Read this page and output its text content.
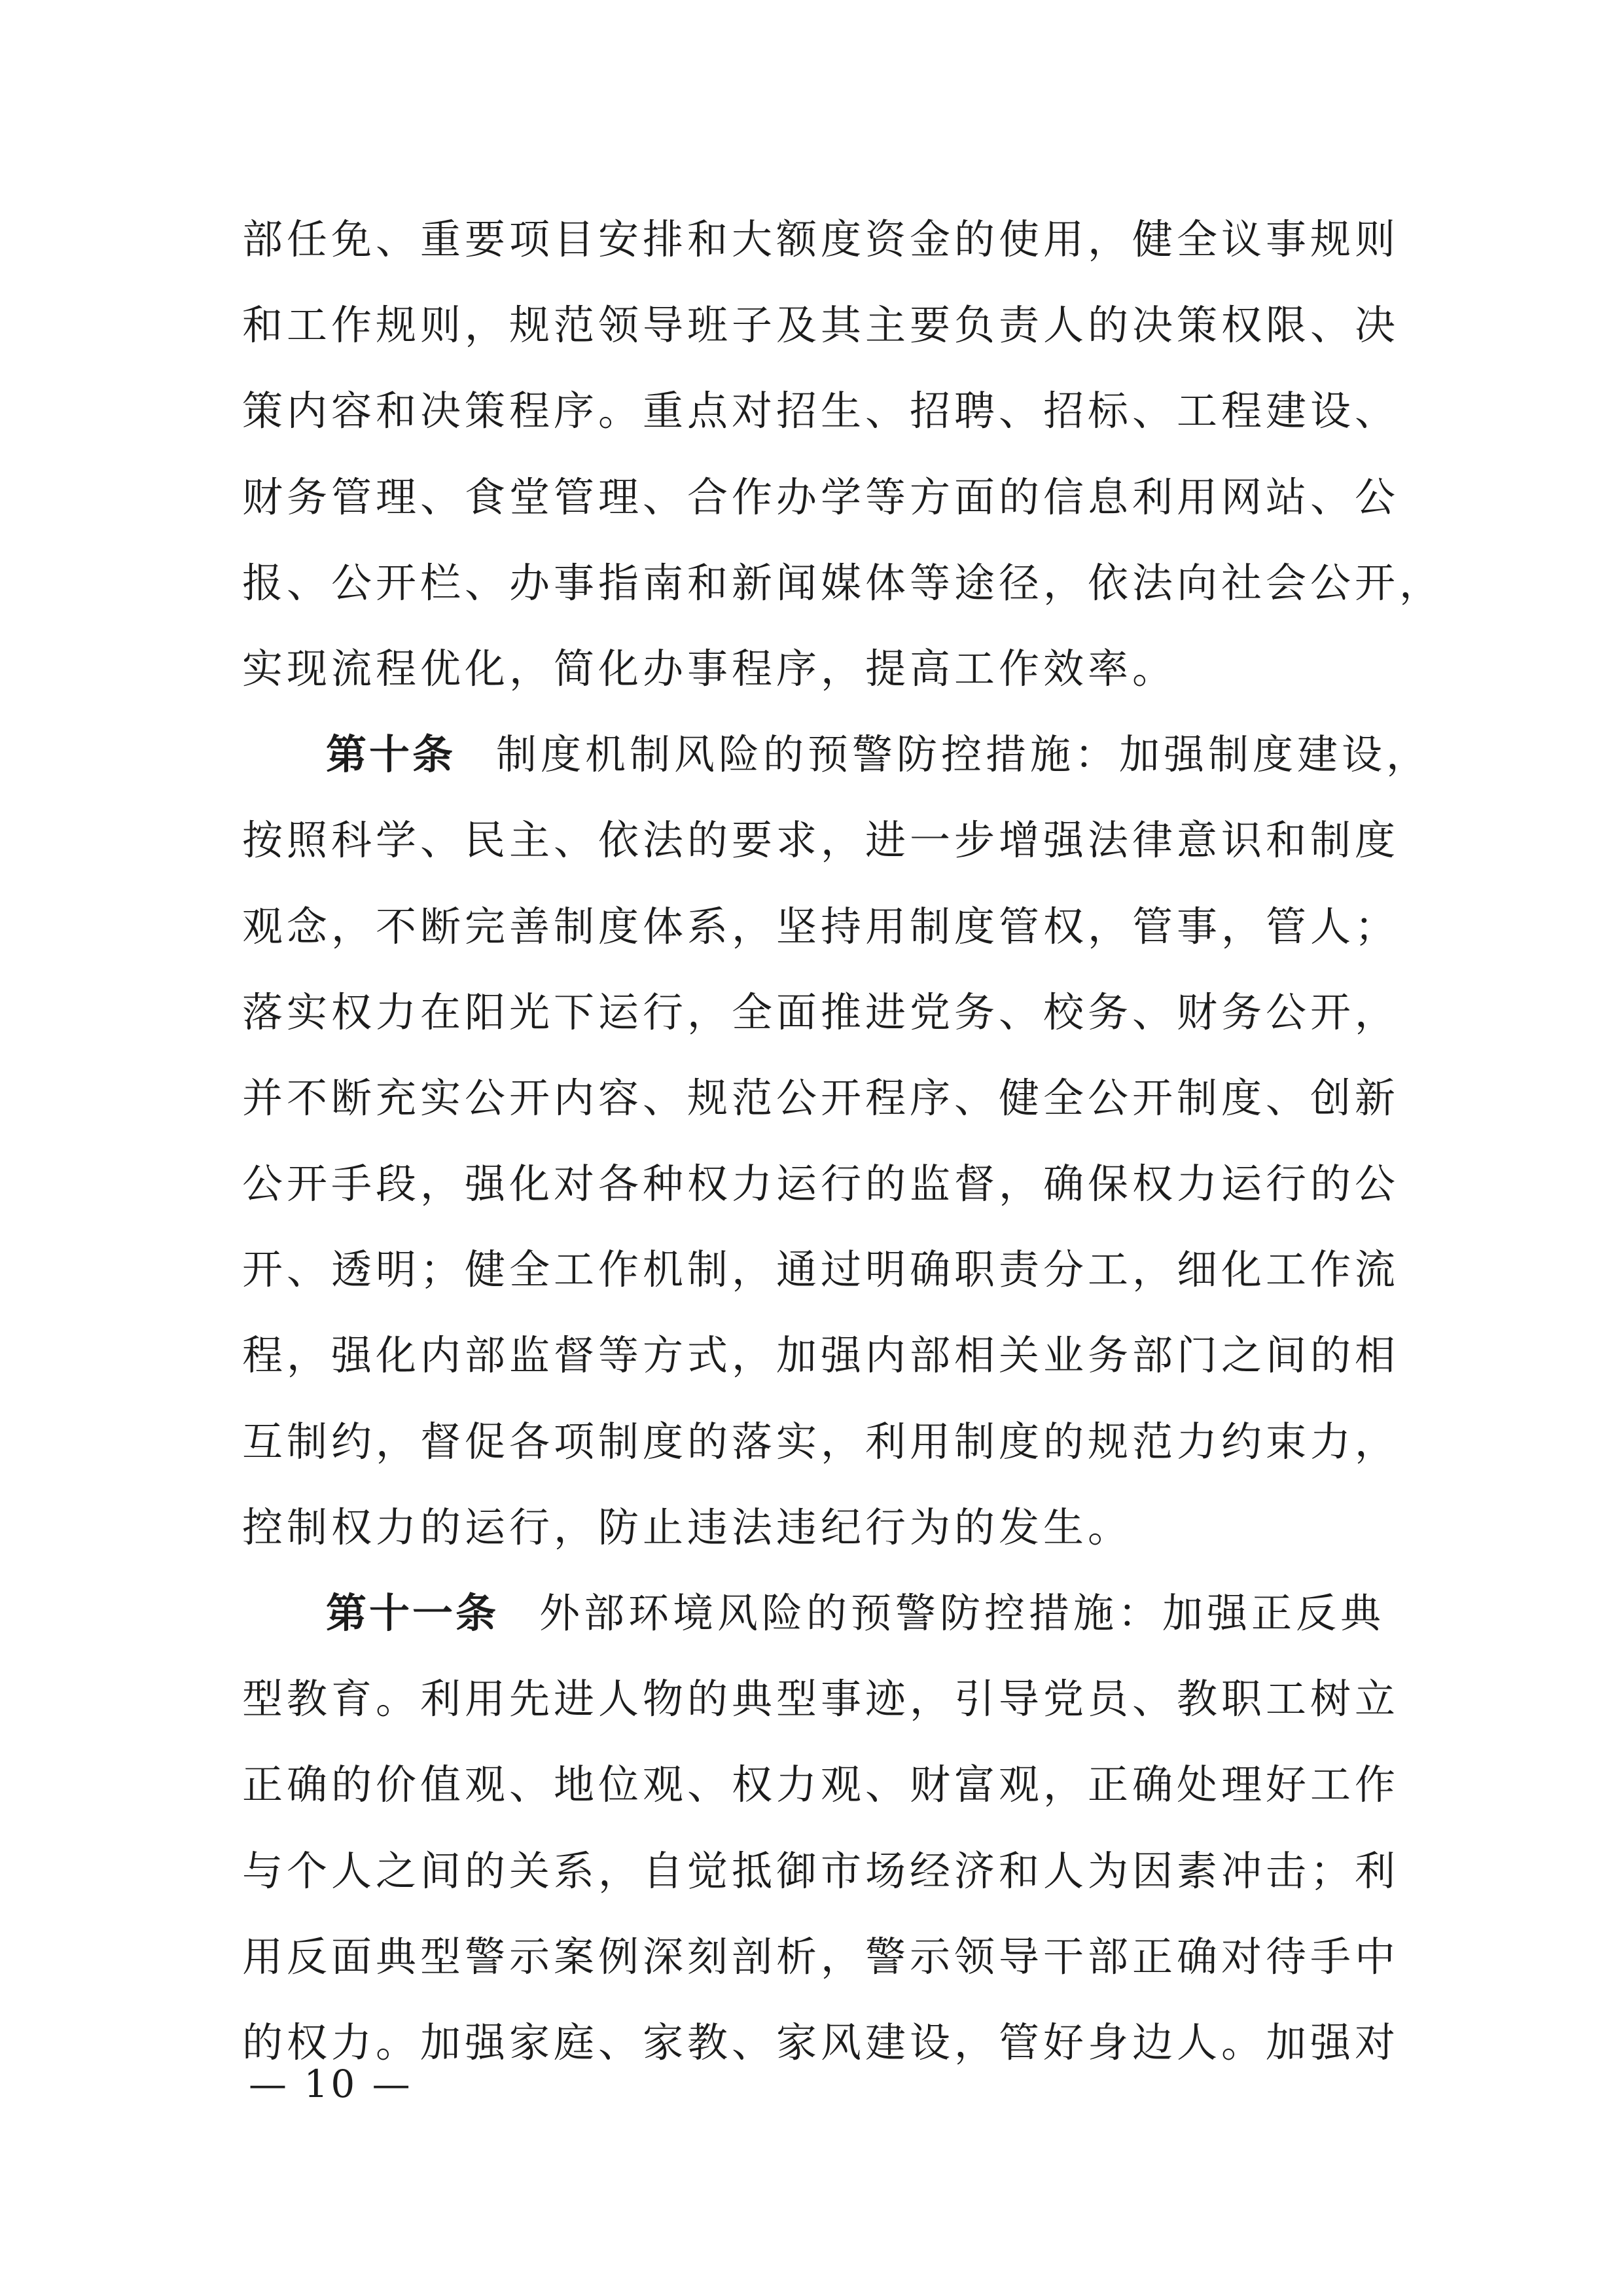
部任免、重要项目安排和大额度资金的使用，健全议事规则
和工作规则，规范领导班子及其主要负责人的决策权限、决
策内容和决策程序。重点对招生、招聘、招标、工程建设、
财务管理、食堂管理、合作办学等方面的信息利用网站、公
报、公开栏、办事指南和新闻媒体等途径，依法向社会公开，
实现流程优化，简化办事程序，提高工作效率。
第十条 制度机制风险的预警防控措施：加强制度建设，
按照科学、民主、依法的要求，进一步增强法律意识和制度
观念，不断完善制度体系，坚持用制度管权，管事，管人；
落实权力在阳光下运行，全面推进党务、校务、财务公开，
并不断充实公开内容、规范公开程序、健全公开制度、创新
公开手段，强化对各种权力运行的监督，确保权力运行的公
开、透明；健全工作机制，通过明确职责分工，细化工作流
程，强化内部监督等方式，加强内部相关业务部门之间的相
互制约，督促各项制度的落实，利用制度的规范力约束力，
控制权力的运行，防止违法违纪行为的发生。
第十一条 外部环境风险的预警防控措施：加强正反典
型教育。利用先进人物的典型事迹，引导党员、教职工树立
正确的价值观、地位观、权力观、财富观，正确处理好工作
与个人之间的关系，自觉抵御市场经济和人为因素冲击；利
用反面典型警示案例深刻剖析，警示领导干部正确对待手中
的权力。加强家庭、家教、家风建设，管好身边人。加强对
— 10 —
